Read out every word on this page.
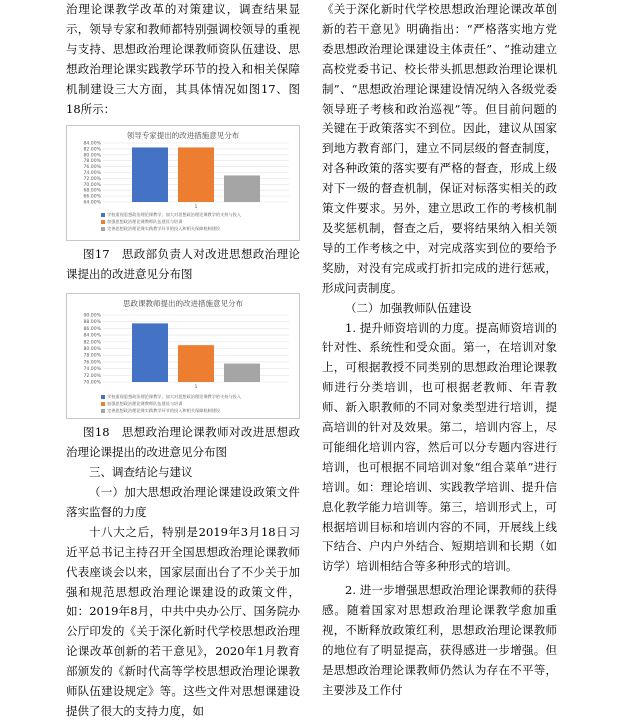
治理论课教学改革的对策建议，调查结果显示，领导专家和教师都特别强调校领导的重视与支持、思想政治理论课教师资队伍建设、思想政治理论课实践教学环节的投入和相关保障机制建设三大方面，其具体情况如图17、图18所示：

领导专家提出的改进措施意见分布
84.00%
82.00%
80.00%
78.00%
76.00%
74.00%
72.00%
70.00%
68.00%
66.00%
64.00%
1
学校重视思想政治理论课教学，加大对思想政治理论课教学的支持与投入
加强思想政治理论课教师队伍建设与培训
完善思想政治理论课实践教学环节的投入和相关保障机制建设

图17　思政部负责人对改进思想政治理论课提出的改进意见分布图

思政课教师提出的改进措施意见分布
90.00%
88.00%
86.00%
84.00%
82.00%
80.00%
78.00%
76.00%
74.00%
72.00%
70.00%
1
学校重视思想政治理论课教学，加大对思想政治理论课教学的支持与投入
加强思想政治理论课教师队伍建设与培训
完善思想政治理论课实践教学环节的投入和相关保障机制建设

图18　思想政治理论课教师对改进思想政治理论课提出的改进意见分布图

三、调查结论与建议

（一）加大思想政治理论课建设政策文件落实监督的力度

十八大之后，特别是2019年3月18日习近平总书记主持召开全国思想政治理论课教师代表座谈会以来，国家层面出台了不少关于加强和规范思想政治理论课建设的政策文件，如：2019年8月，中共中央办公厅、国务院办公厅印发的《关于深化新时代学校思想政治理论课改革创新的若干意见》，2020年1月教育部颁发的《新时代高等学校思想政治理论课教师队伍建设规定》等。这些文件对思想课建设提供了很大的支持力度，如

《关于深化新时代学校思想政治理论课改革创新的若干意见》明确指出：“严格落实地方党委思想政治理论课建设主体责任”、“推动建立高校党委书记、校长带头抓思想政治理论课机制”、“思想政治理论课建设情况纳入各级党委领导班子考核和政治巡视”等。但目前问题的关键在于政策落实不到位。因此，建议从国家到地方教育部门，建立不同层级的督查制度，对各种政策的落实要有严格的督查，形成上级对下一级的督查机制，保证对标落实相关的政策文件要求。另外，建立思政工作的考核机制及奖惩机制，督查之后，要将结果纳入相关领导的工作考核之中，对完成落实到位的要给予奖励，对没有完成或打折扣完成的进行惩戒，形成问责制度。

（二）加强教师队伍建设

1. 提升师资培训的力度。提高师资培训的针对性、系统性和受众面。第一，在培训对象上，可根据教授不同类别的思想政治理论课教师进行分类培训，也可根据老教师、年青教师、新入职教师的不同对象类型进行培训，提高培训的针对及效果。第二，培训内容上，尽可能细化培训内容，然后可以分专题内容进行培训，也可根据不同培训对象“组合菜单”进行培训。如：理论培训、实践教学培训、提升信息化教学能力培训等。第三，培训形式上，可根据培训目标和培训内容的不同，开展线上线下结合、户内户外结合、短期培训和长期（如访学）培训相结合等多种形式的培训。

2. 进一步增强思想政治理论课教师的获得感。随着国家对思想政治理论课教学愈加重视，不断释放政策红利，思想政治理论课教师的地位有了明显提高，获得感进一步增强。但是思想政治理论课教师仍然认为存在不平等，主要涉及工作付
